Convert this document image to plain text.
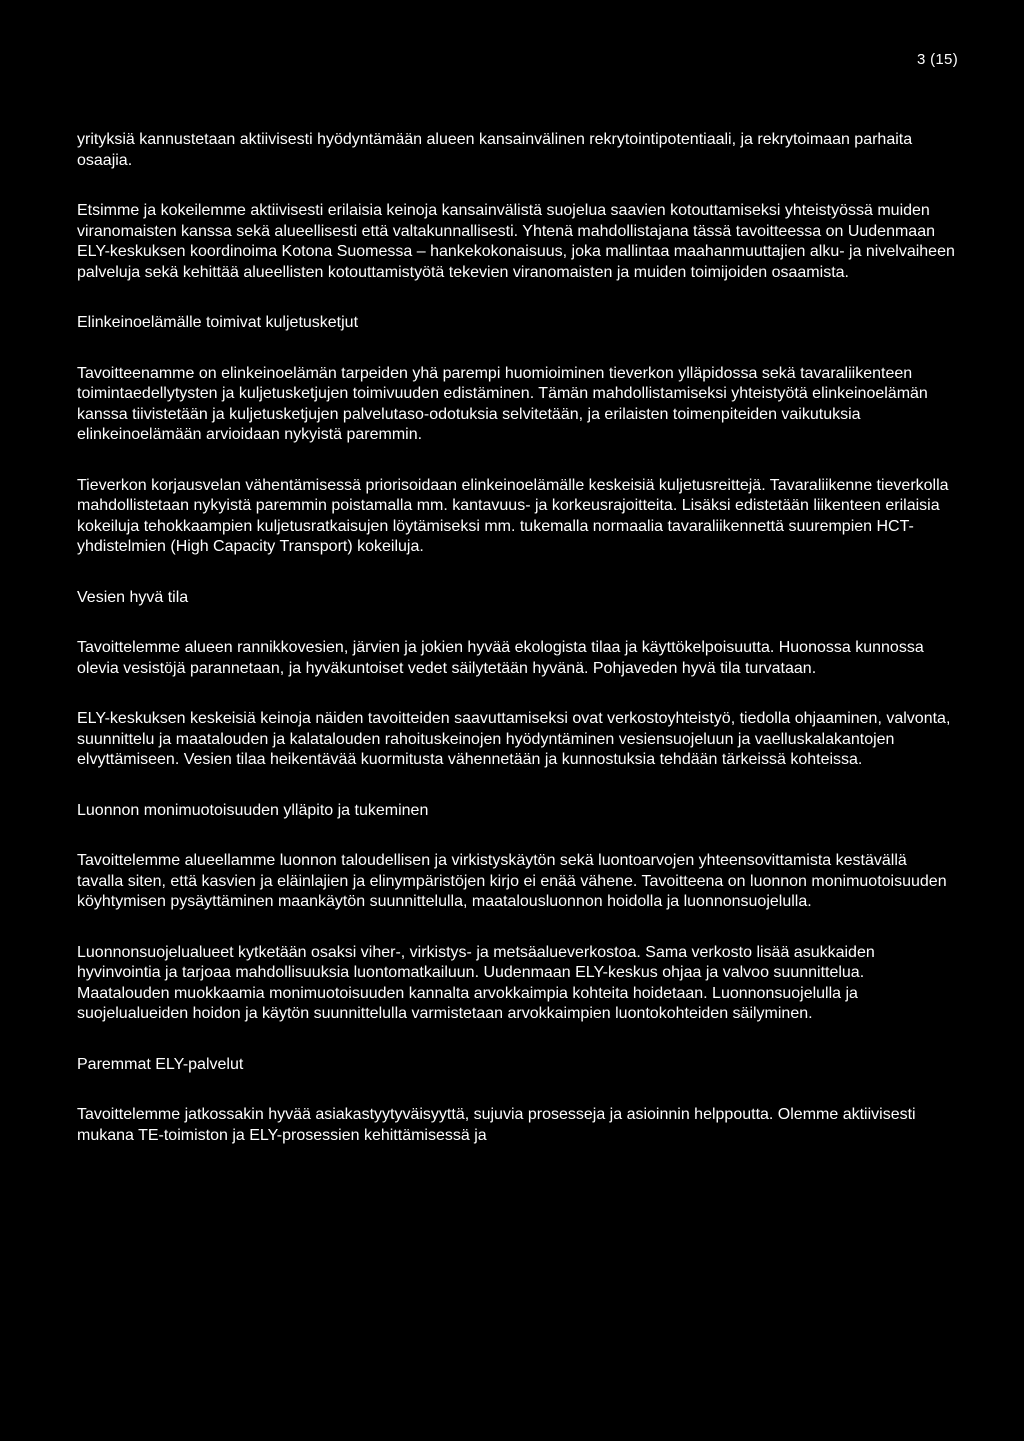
3 (15)

yrityksiä kannustetaan aktiivisesti hyödyntämään alueen kansainvälinen rekrytointipotentiaali, ja rekrytoimaan parhaita osaajia.

Etsimme ja kokeilemme aktiivisesti erilaisia keinoja kansainvälistä suojelua saavien kotouttamiseksi yhteistyössä muiden viranomaisten kanssa sekä alueellisesti että valtakunnallisesti. Yhtenä mahdollistajana tässä tavoitteessa on Uudenmaan ELY-keskuksen koordinoima Kotona Suomessa – hankekokonaisuus, joka mallintaa maahanmuuttajien alku- ja nivelvaiheen palveluja sekä kehittää alueellisten kotouttamistyötä tekevien viranomaisten ja muiden toimijoiden osaamista.

Elinkeinoelämälle toimivat kuljetusketjut

Tavoitteenamme on elinkeinoelämän tarpeiden yhä parempi huomioiminen tieverkon ylläpidossa sekä tavaraliikenteen toimintaedellytysten ja kuljetusketjujen toimivuuden edistäminen. Tämän mahdollistamiseksi yhteistyötä elinkeinoelämän kanssa tiivistetään ja kuljetusketjujen palvelutaso-odotuksia selvitetään, ja erilaisten toimenpiteiden vaikutuksia elinkeinoelämään arvioidaan nykyistä paremmin.

Tieverkon korjausvelan vähentämisessä priorisoidaan elinkeinoelämälle keskeisiä kuljetusreittejä. Tavaraliikenne tieverkolla mahdollistetaan nykyistä paremmin poistamalla mm. kantavuus- ja korkeusrajoitteita. Lisäksi edistetään liikenteen erilaisia kokeiluja tehokkaampien kuljetusratkaisujen löytämiseksi mm. tukemalla normaalia tavaraliikennettä suurempien HCT-yhdistelmien (High Capacity Transport) kokeiluja.

Vesien hyvä tila

Tavoittelemme alueen rannikkovesien, järvien ja jokien hyvää ekologista tilaa ja käyttökelpoisuutta. Huonossa kunnossa olevia vesistöjä parannetaan, ja hyväkuntoiset vedet säilytetään hyvänä. Pohjaveden hyvä tila turvataan.

ELY-keskuksen keskeisiä keinoja näiden tavoitteiden saavuttamiseksi ovat verkostoyhteistyö, tiedolla ohjaaminen, valvonta, suunnittelu ja maatalouden ja kalatalouden rahoituskeinojen hyödyntäminen vesiensuojeluun ja vaelluskalakantojen elvyttämiseen. Vesien tilaa heikentävää kuormitusta vähennetään ja kunnostuksia tehdään tärkeissä kohteissa.

Luonnon monimuotoisuuden ylläpito ja tukeminen

Tavoittelemme alueellamme luonnon taloudellisen ja virkistyskäytön sekä luontoarvojen yhteensovittamista kestävällä tavalla siten, että kasvien ja eläinlajien ja elinympäristöjen kirjo ei enää vähene. Tavoitteena on luonnon monimuotoisuuden köyhtymisen pysäyttäminen maankäytön suunnittelulla, maatalousluonnon hoidolla ja luonnonsuojelulla.

Luonnonsuojelualueet kytketään osaksi viher-, virkistys- ja metsäalueverkostoa. Sama verkosto lisää asukkaiden hyvinvointia ja tarjoaa mahdollisuuksia luontomatkailuun. Uudenmaan ELY-keskus ohjaa ja valvoo suunnittelua. Maatalouden muokkaamia monimuotoisuuden kannalta arvokkaimpia kohteita hoidetaan. Luonnonsuojelulla ja suojelualueiden hoidon ja käytön suunnittelulla varmistetaan arvokkaimpien luontokohteiden säilyminen.

Paremmat ELY-palvelut

Tavoittelemme jatkossakin hyvää asiakastyytyväisyyttä, sujuvia prosesseja ja asioinnin helppoutta. Olemme aktiivisesti mukana TE-toimiston ja ELY-prosessien kehittämisessä ja
